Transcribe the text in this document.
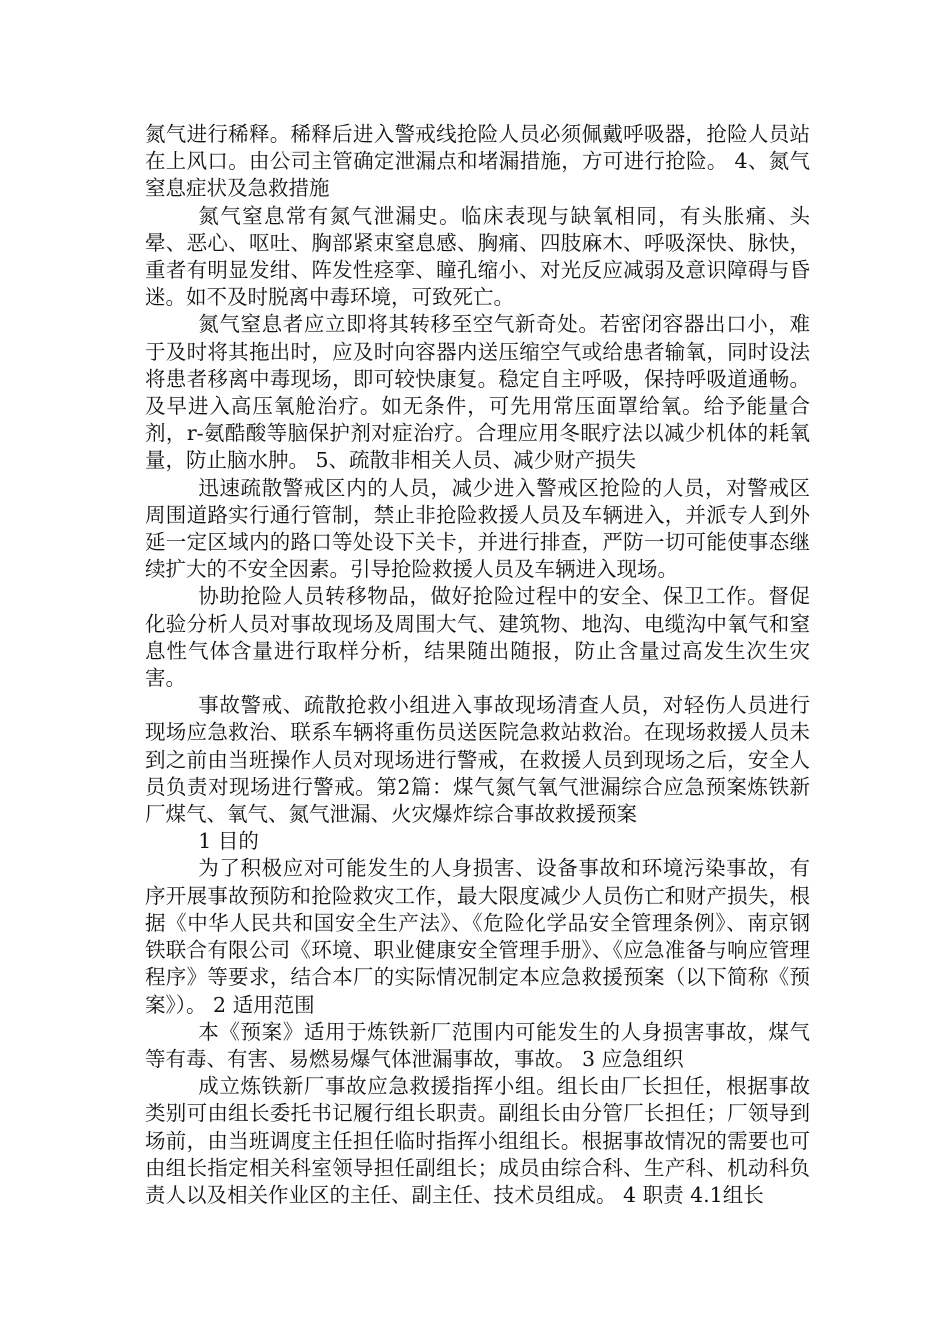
氮气进行稀释。稀释后进入警戒线抢险人员必须佩戴呼吸器，抢险人员站在上风口。由公司主管确定泄漏点和堵漏措施，方可进行抢险。 4、氮气窒息症状及急救措施

氮气窒息常有氮气泄漏史。临床表现与缺氧相同，有头胀痛、头晕、恶心、呕吐、胸部紧束窒息感、胸痛、四肢麻木、呼吸深快、脉快，重者有明显发绀、阵发性痉挛、瞳孔缩小、对光反应减弱及意识障碍与昏迷。如不及时脱离中毒环境，可致死亡。

氮气窒息者应立即将其转移至空气新奇处。若密闭容器出口小，难于及时将其拖出时，应及时向容器内送压缩空气或给患者输氧，同时设法将患者移离中毒现场，即可较快康复。稳定自主呼吸，保持呼吸道通畅。及早进入高压氧舱治疗。如无条件，可先用常压面罩给氧。给予能量合剂，r-氨酷酸等脑保护剂对症治疗。合理应用冬眠疗法以减少机体的耗氧量，防止脑水肿。 5、疏散非相关人员、减少财产损失

迅速疏散警戒区内的人员，减少进入警戒区抢险的人员，对警戒区周围道路实行通行管制，禁止非抢险救援人员及车辆进入，并派专人到外延一定区域内的路口等处设下关卡，并进行排查，严防一切可能使事态继续扩大的不安全因素。引导抢险救援人员及车辆进入现场。

协助抢险人员转移物品，做好抢险过程中的安全、保卫工作。督促化验分析人员对事故现场及周围大气、建筑物、地沟、电缆沟中氧气和窒息性气体含量进行取样分析，结果随出随报，防止含量过高发生次生灾害。

事故警戒、疏散抢救小组进入事故现场清查人员，对轻伤人员进行现场应急救治、联系车辆将重伤员送医院急救站救治。在现场救援人员未到之前由当班操作人员对现场进行警戒，在救援人员到现场之后，安全人员负责对现场进行警戒。第2篇：煤气氮气氧气泄漏综合应急预案炼铁新厂煤气、氧气、氮气泄漏、火灾爆炸综合事故救援预案

1 目的

为了积极应对可能发生的人身损害、设备事故和环境污染事故，有序开展事故预防和抢险救灾工作，最大限度减少人员伤亡和财产损失，根据《中华人民共和国安全生产法》、《危险化学品安全管理条例》、南京钢铁联合有限公司《环境、职业健康安全管理手册》、《应急准备与响应管理程序》等要求，结合本厂的实际情况制定本应急救援预案（以下简称《预案》）。 2 适用范围

本《预案》适用于炼铁新厂范围内可能发生的人身损害事故，煤气等有毒、有害、易燃易爆气体泄漏事故，事故。 3 应急组织

成立炼铁新厂事故应急救援指挥小组。组长由厂长担任，根据事故类别可由组长委托书记履行组长职责。副组长由分管厂长担任；厂领导到场前，由当班调度主任担任临时指挥小组组长。根据事故情况的需要也可由组长指定相关科室领导担任副组长；成员由综合科、生产科、机动科负责人以及相关作业区的主任、副主任、技术员组成。 4 职责 4.1组长
